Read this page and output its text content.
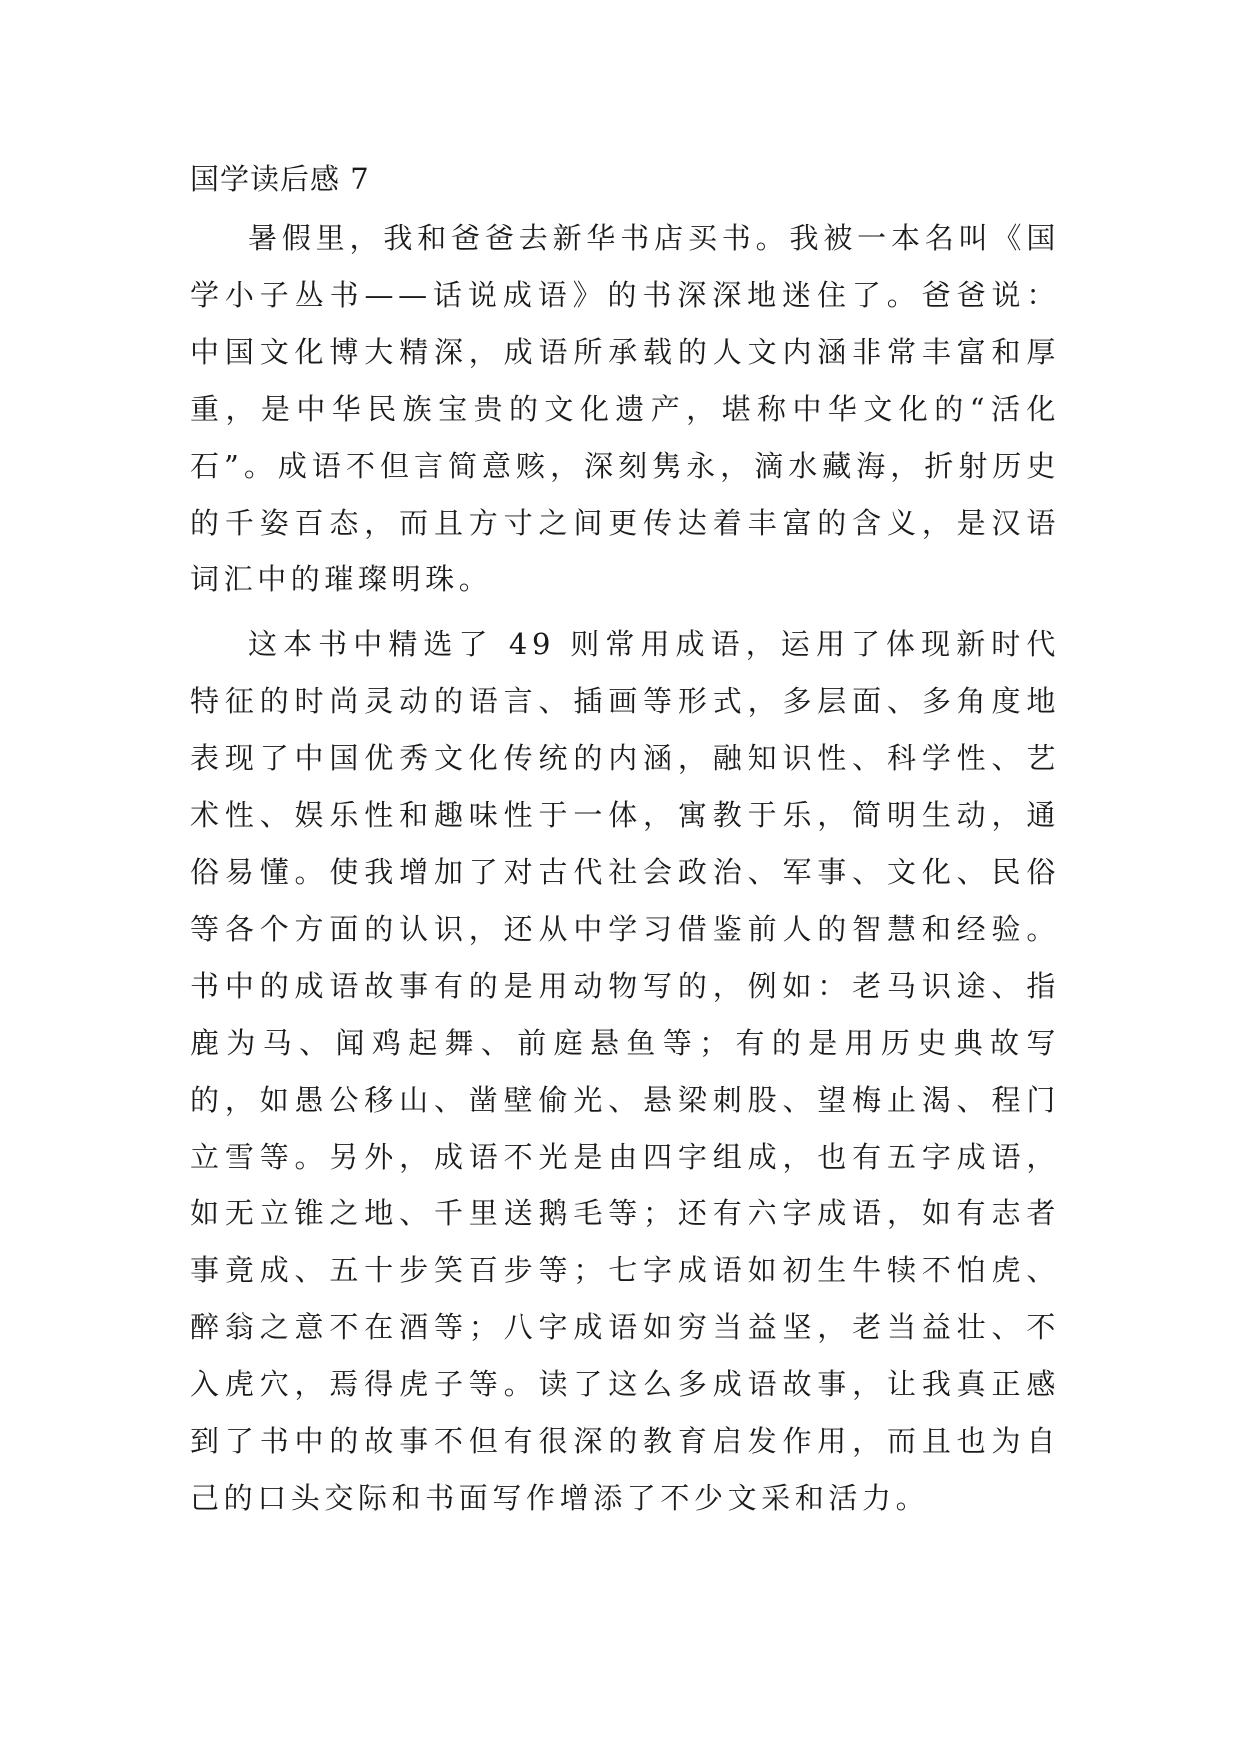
国学读后感 7

暑假里，我和爸爸去新华书店买书。我被一本名叫《国学小子丛书——话说成语》的书深深地迷住了。爸爸说：中国文化博大精深，成语所承载的人文内涵非常丰富和厚重，是中华民族宝贵的文化遗产，堪称中华文化的“活化石”。成语不但言简意赅，深刻隽永，滴水藏海，折射历史的千姿百态，而且方寸之间更传达着丰富的含义，是汉语词汇中的璀璨明珠。

这本书中精选了 49 则常用成语，运用了体现新时代特征的时尚灵动的语言、插画等形式，多层面、多角度地表现了中国优秀文化传统的内涵，融知识性、科学性、艺术性、娱乐性和趣味性于一体，寓教于乐，简明生动，通俗易懂。使我增加了对古代社会政治、军事、文化、民俗等各个方面的认识，还从中学习借鉴前人的智慧和经验。书中的成语故事有的是用动物写的，例如：老马识途、指鹿为马、闻鸡起舞、前庭悬鱼等；有的是用历史典故写的，如愚公移山、凿壁偷光、悬梁刺股、望梅止渴、程门立雪等。另外，成语不光是由四字组成，也有五字成语，如无立锥之地、千里送鹅毛等；还有六字成语，如有志者事竟成、五十步笑百步等；七字成语如初生牛犊不怕虎、醉翁之意不在酒等；八字成语如穷当益坚，老当益壮、不入虎穴，焉得虎子等。读了这么多成语故事，让我真正感到了书中的故事不但有很深的教育启发作用，而且也为自己的口头交际和书面写作增添了不少文采和活力。
